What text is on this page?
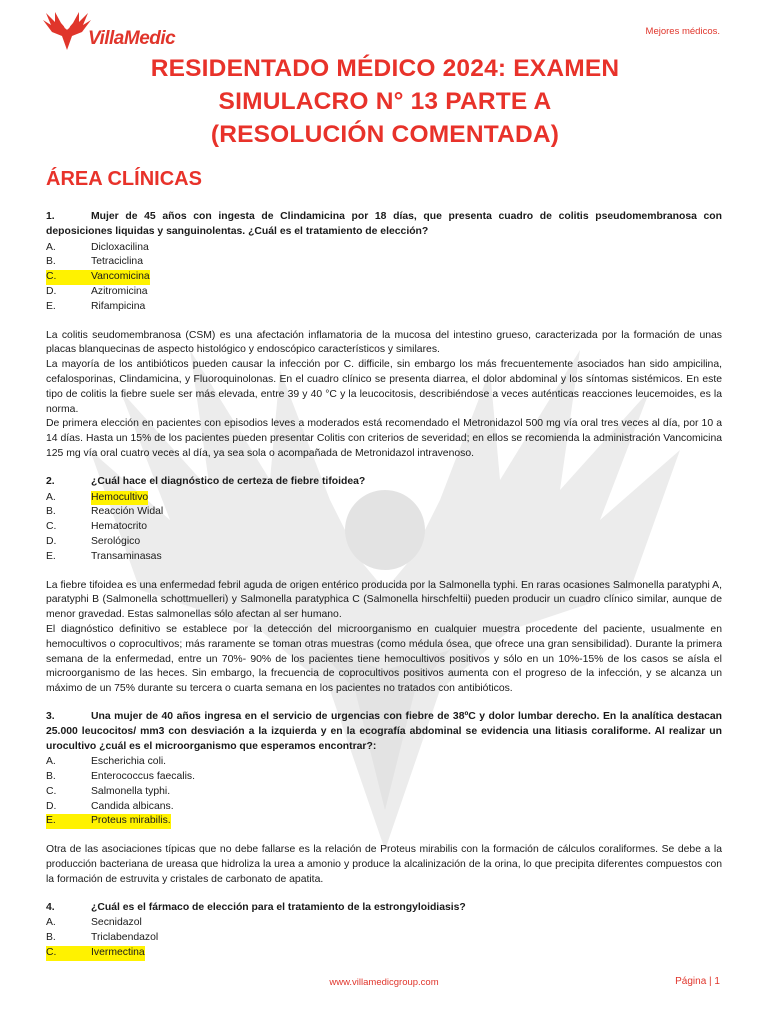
VillaMedic	Mejores médicos.
RESIDENTADO MÉDICO 2024: EXAMEN
SIMULACRO N° 13 PARTE A
(RESOLUCIÓN COMENTADA)
ÁREA CLÍNICAS
1.	Mujer de 45 años con ingesta de Clindamicina por 18 días, que presenta cuadro de colitis pseudomembranosa con deposiciones liquidas y sanguinolentas. ¿Cuál es el tratamiento de elección?
A.	Dicloxacilina
B.	Tetraciclina
C.	Vancomicina
D.	Azitromicina
E.	Rifampicina

La colitis seudomembranosa (CSM) es una afectación inflamatoria de la mucosa del intestino grueso, caracterizada por la formación de unas placas blanquecinas de aspecto histológico y endoscópico característicos y similares.

La mayoría de los antibióticos pueden causar la infección por C. difficile, sin embargo los más frecuentemente asociados han sido ampicilina, cefalosporinas, Clindamicina, y Fluoroquinolonas. En el cuadro clínico se presenta diarrea, el dolor abdominal y los síntomas sistémicos. En este tipo de colitis la fiebre suele ser más elevada, entre 39 y 40 °C y la leucocitosis, describiéndose a veces auténticas reacciones leucemoides, es la norma.

De primera elección en pacientes con episodios leves a moderados está recomendado el Metronidazol 500 mg vía oral tres veces al día, por 10 a 14 días. Hasta un 15% de los pacientes pueden presentar Colitis con criterios de severidad; en ellos se recomienda la administración Vancomicina 125 mg vía oral cuatro veces al día, ya sea sola o acompañada de Metronidazol intravenoso.

2.	¿Cuál hace el diagnóstico de certeza de fiebre tifoidea?
A.	Hemocultivo
B.	Reacción Widal
C.	Hematocrito
D.	Serológico
E.	Transaminasas

La fiebre tifoidea es una enfermedad febril aguda de origen entérico producida por la Salmonella typhi. En raras ocasiones Salmonella paratyphi A, paratyphi B (Salmonella schottmuelleri) y Salmonella paratyphica C (Salmonella hirschfeltii) pueden producir un cuadro clínico similar, aunque de menor gravedad. Estas salmonellas sólo afectan al ser humano.

El diagnóstico definitivo se establece por la detección del microorganismo en cualquier muestra procedente del paciente, usualmente en hemocultivos o coprocultivos; más raramente se toman otras muestras (como médula ósea, que ofrece una gran sensibilidad). Durante la primera semana de la enfermedad, entre un 70%- 90% de los pacientes tiene hemocultivos positivos y sólo en un 10%-15% de los casos se aísla el microorganismo de las heces. Sin embargo, la frecuencia de coprocultivos positivos aumenta con el progreso de la infección, y se alcanza un máximo de un 75% durante su tercera o cuarta semana en los pacientes no tratados con antibióticos.

3.	Una mujer de 40 años ingresa en el servicio de urgencias con fiebre de 38ºC y dolor lumbar derecho. En la analítica destacan 25.000 leucocitos/ mm3 con desviación a la izquierda y en la ecografía abdominal se evidencia una litiasis coraliforme. Al realizar un urocultivo ¿cuál es el microorganismo que esperamos encontrar?:
A.	Escherichia coli.
B.	Enterococcus faecalis.
C.	Salmonella typhi.
D.	Candida albicans.
E.	Proteus mirabilis.

Otra de las asociaciones típicas que no debe fallarse es la relación de Proteus mirabilis con la formación de cálculos coraliformes. Se debe a la producción bacteriana de ureasa que hidroliza la urea a amonio y produce la alcalinización de la orina, lo que precipita diferentes compuestos con la formación de estruvita y cristales de carbonato de apatita.

4.	¿Cuál es el fármaco de elección para el tratamiento de la estrongyloidiasis?
A.	Secnidazol
B.	Triclabendazol
C.	Ivermectina
www.villamedicgroup.com	Página | 1
